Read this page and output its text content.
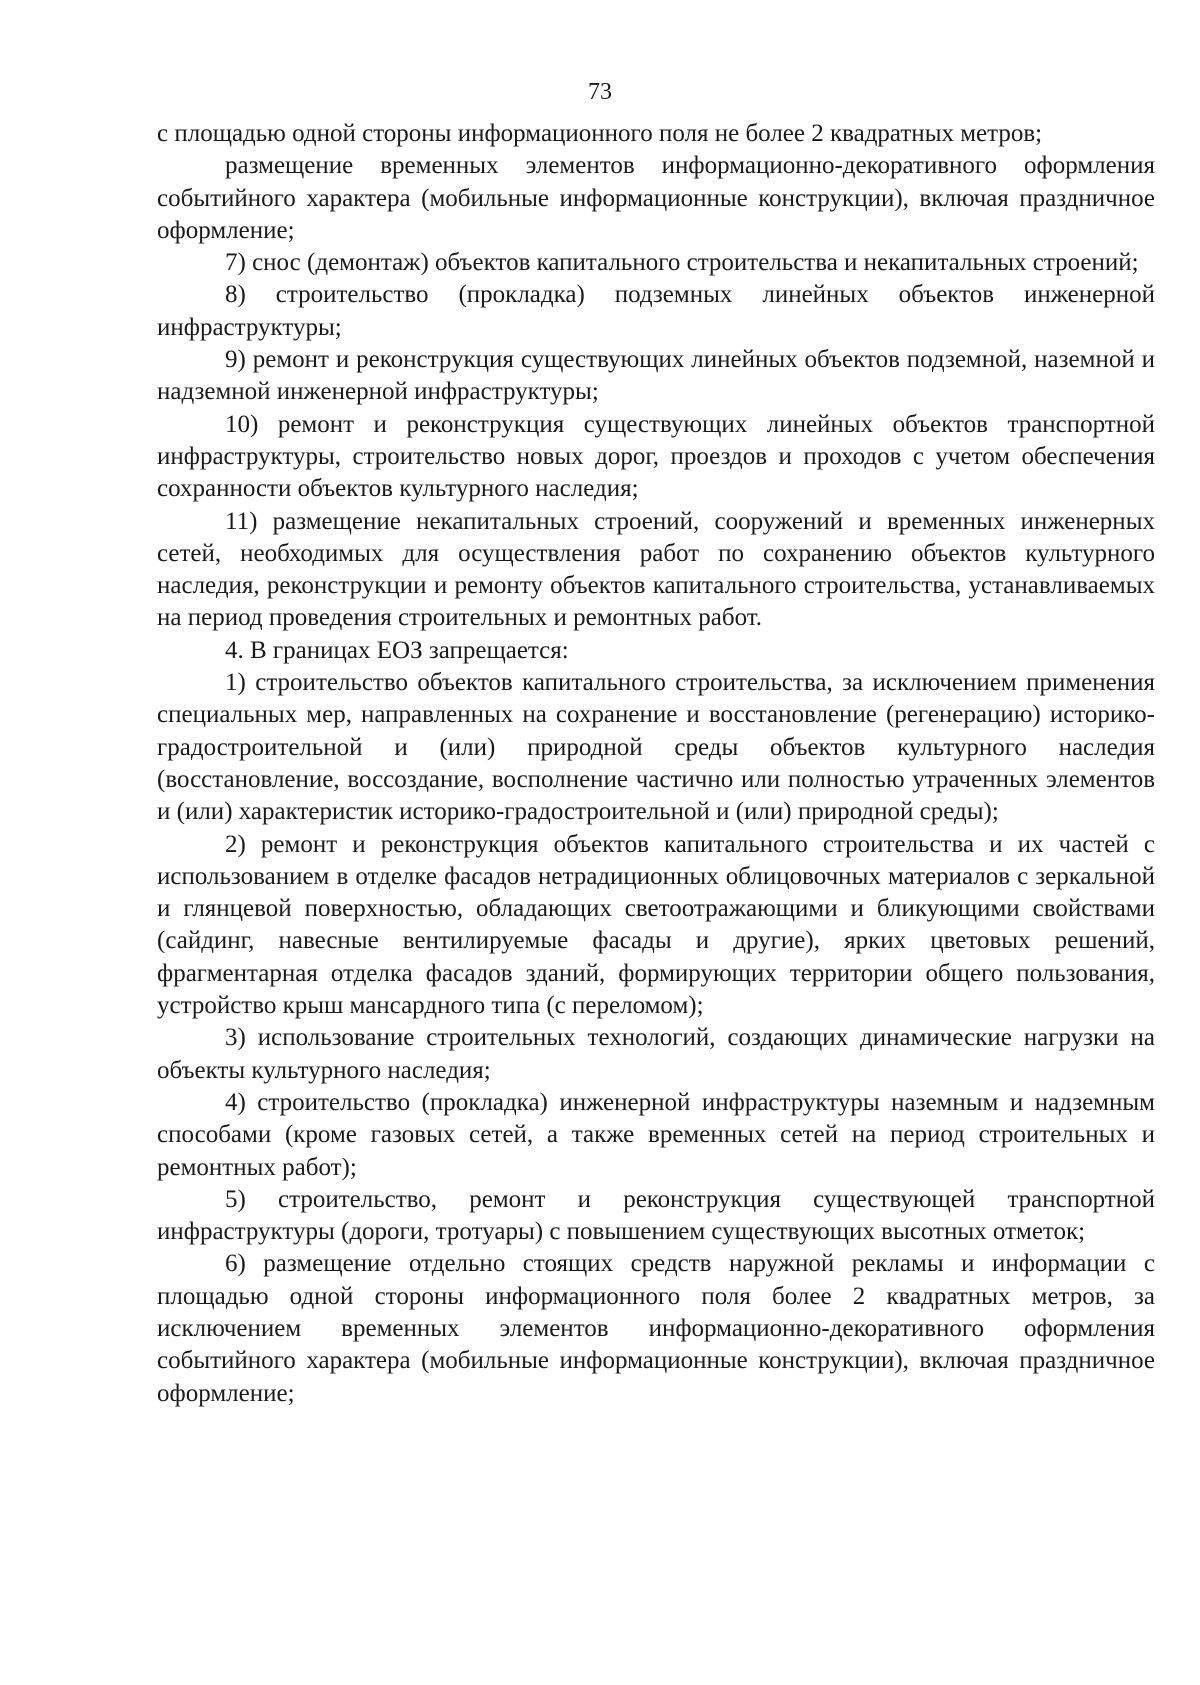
73

с площадью одной стороны информационного поля не более 2 квадратных метров;

размещение временных элементов информационно-декоративного оформления событийного характера (мобильные информационные конструкции), включая праздничное оформление;

7) снос (демонтаж) объектов капитального строительства и некапитальных строений;

8) строительство (прокладка) подземных линейных объектов инженерной инфраструктуры;

9) ремонт и реконструкция существующих линейных объектов подземной, наземной и надземной инженерной инфраструктуры;

10) ремонт и реконструкция существующих линейных объектов транспортной инфраструктуры, строительство новых дорог, проездов и проходов с учетом обеспечения сохранности объектов культурного наследия;

11) размещение некапитальных строений, сооружений и временных инженерных сетей, необходимых для осуществления работ по сохранению объектов культурного наследия, реконструкции и ремонту объектов капитального строительства, устанавливаемых на период проведения строительных и ремонтных работ.

4. В границах ЕОЗ запрещается:

1) строительство объектов капитального строительства, за исключением применения специальных мер, направленных на сохранение и восстановление (регенерацию) историко-градостроительной и (или) природной среды объектов культурного наследия (восстановление, воссоздание, восполнение частично или полностью утраченных элементов и (или) характеристик историко-градостроительной и (или) природной среды);

2) ремонт и реконструкция объектов капитального строительства и их частей с использованием в отделке фасадов нетрадиционных облицовочных материалов с зеркальной и глянцевой поверхностью, обладающих светоотражающими и бликующими свойствами (сайдинг, навесные вентилируемые фасады и другие), ярких цветовых решений, фрагментарная отделка фасадов зданий, формирующих территории общего пользования, устройство крыш мансардного типа (с переломом);

3) использование строительных технологий, создающих динамические нагрузки на объекты культурного наследия;

4) строительство (прокладка) инженерной инфраструктуры наземным и надземным способами (кроме газовых сетей, а также временных сетей на период строительных и ремонтных работ);

5) строительство, ремонт и реконструкция существующей транспортной инфраструктуры (дороги, тротуары) с повышением существующих высотных отметок;

6) размещение отдельно стоящих средств наружной рекламы и информации с площадью одной стороны информационного поля более 2 квадратных метров, за исключением временных элементов информационно-декоративного оформления событийного характера (мобильные информационные конструкции), включая праздничное оформление;
